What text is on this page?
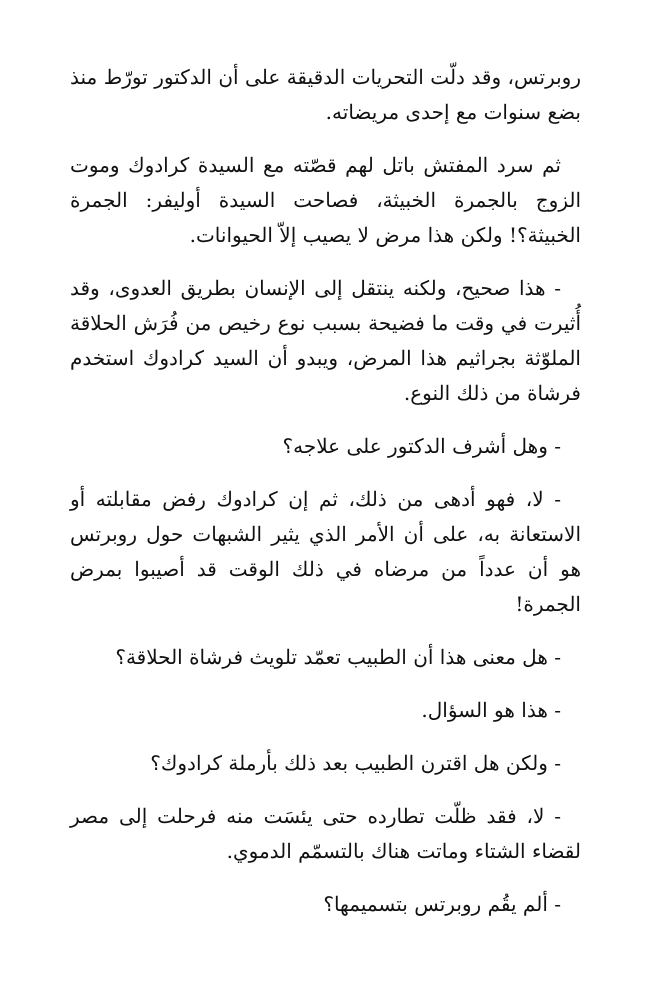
روبرتس، وقد دلّت التحريات الدقيقة على أن الدكتور تورّط منذ بضع سنوات مع إحدى مريضاته.

ثم سرد المفتش باتل لهم قصّته مع السيدة كرادوك وموت الزوج بالجمرة الخبيثة، فصاحت السيدة أوليفر: الجمرة الخبيثة؟! ولكن هذا مرض لا يصيب إلاّ الحيوانات.

- هذا صحيح، ولكنه ينتقل إلى الإنسان بطريق العدوى، وقد أُثيرت في وقت ما فضيحة بسبب نوع رخيص من فُرَش الحلاقة الملوّثة بجراثيم هذا المرض، ويبدو أن السيد كرادوك استخدم فرشاة من ذلك النوع.

- وهل أشرف الدكتور على علاجه؟

- لا، فهو أدهى من ذلك، ثم إن كرادوك رفض مقابلته أو الاستعانة به، على أن الأمر الذي يثير الشبهات حول روبرتس هو أن عدداً من مرضاه في ذلك الوقت قد أصيبوا بمرض الجمرة!

- هل معنى هذا أن الطبيب تعمّد تلويث فرشاة الحلاقة؟

- هذا هو السؤال.

- ولكن هل اقترن الطبيب بعد ذلك بأرملة كرادوك؟

- لا، فقد ظلّت تطارده حتى يئسَت منه فرحلت إلى مصر لقضاء الشتاء وماتت هناك بالتسمّم الدموي.

- ألم يقُم روبرتس بتسميمها؟
